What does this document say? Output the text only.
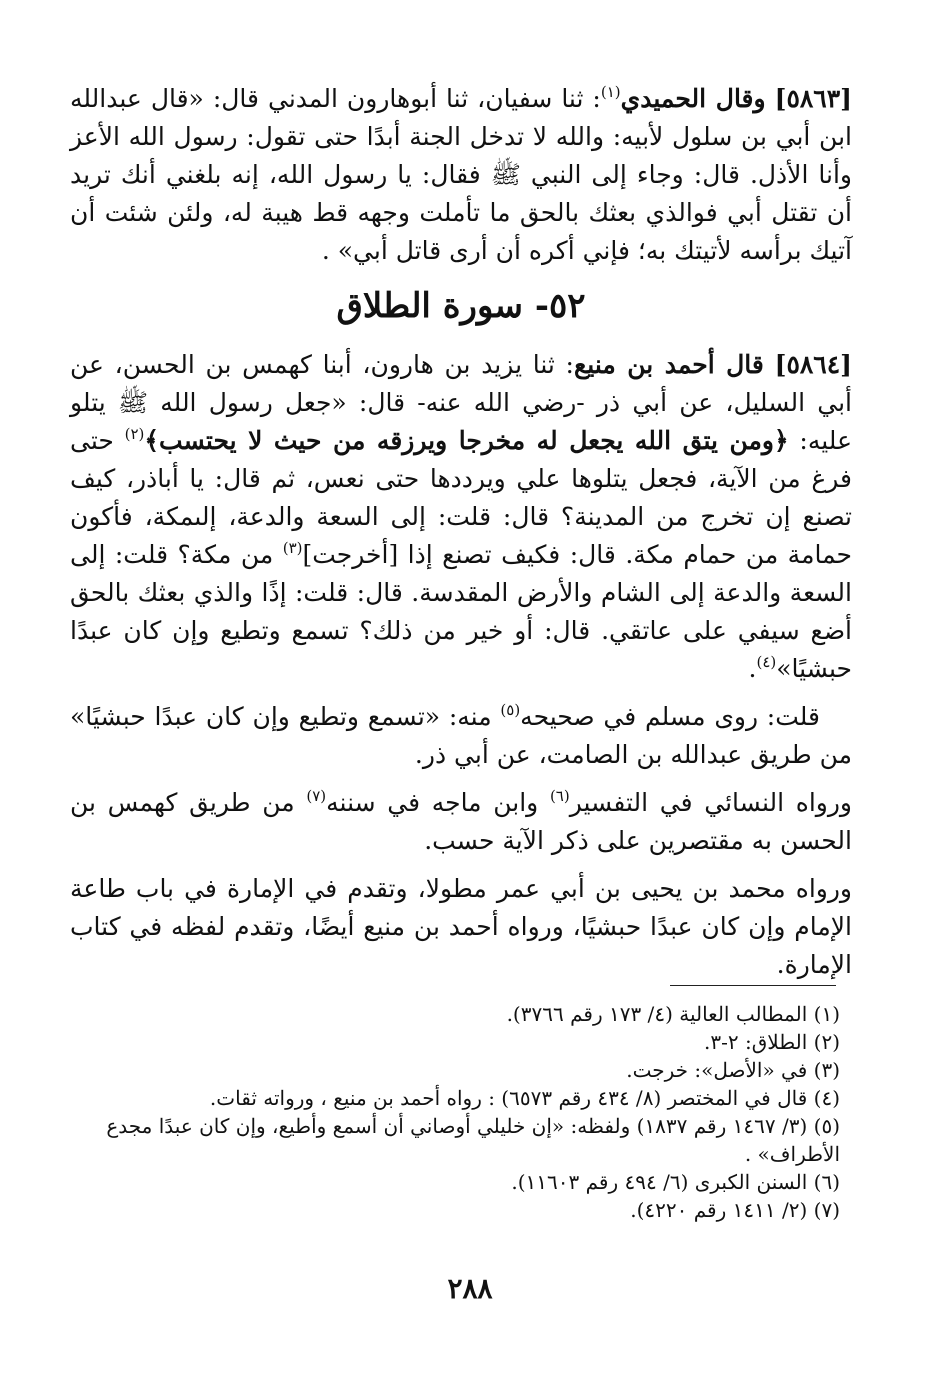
[٥٨٦٣] وقال الحميدي$^{(١)}$: ثنا سفيان، ثنا أبوهارون المدني قال: «قال عبدالله ابن أبي بن سلول لأبيه: والله لا تدخل الجنة أبدًا حتى تقول: رسول الله الأعز وأنا الأذل. قال: وجاء إلى النبي ﷺ فقال: يا رسول الله، إنه بلغني أنك تريد أن تقتل أبي فوالذي بعثك بالحق ما تأملت وجهه قط هيبة له، ولئن شئت أن آتيك برأسه لأتيتك به؛ فإني أكره أن أرى قاتل أبي» .

٥٢- سورة الطلاق

[٥٨٦٤] قال أحمد بن منيع: ثنا يزيد بن هارون، أبنا كهمس بن الحسن، عن أبي السليل، عن أبي ذر -رضي الله عنه- قال: «جعل رسول الله ﷺ يتلو عليه: ﴿ومن يتق الله يجعل له مخرجا ويرزقه من حيث لا يحتسب﴾$^{(٢)}$ حتى فرغ من الآية، فجعل يتلوها علي ويرددها حتى نعس، ثم قال: يا أباذر، كيف تصنع إن تخرج من المدينة؟ قال: قلت: إلى السعة والدعة، إلىمكة، فأكون حمامة من حمام مكة. قال: فكيف تصنع إذا [أخرجت]$^{(٣)}$ من مكة؟ قلت: إلى السعة والدعة إلى الشام والأرض المقدسة. قال: قلت: إذًا والذي بعثك بالحق أضع سيفي على عاتقي. قال: أو خير من ذلك؟ تسمع وتطيع وإن كان عبدًا حبشيًا»$^{(٤)}$.

قلت: روى مسلم في صحيحه$^{(٥)}$ منه: «تسمع وتطيع وإن كان عبدًا حبشيًا» من طريق عبدالله بن الصامت، عن أبي ذر.

ورواه النسائي في التفسير$^{(٦)}$ وابن ماجه في سننه$^{(٧)}$ من طريق كهمس بن الحسن به مقتصرين على ذكر الآية حسب.

ورواه محمد بن يحيى بن أبي عمر مطولا، وتقدم في الإمارة في باب طاعة الإمام وإن كان عبدًا حبشيًا، ورواه أحمد بن منيع أيضًا، وتقدم لفظه في كتاب الإمارة.

(١) المطالب العالية (٤/ ١٧٣ رقم ٣٧٦٦).
(٢) الطلاق: ٢-٣.
(٣) في «الأصل»: خرجت.
(٤) قال في المختصر (٨/ ٤٣٤ رقم ٦٥٧٣) : رواه أحمد بن منيع ، ورواته ثقات.
(٥) (٣/ ١٤٦٧ رقم ١٨٣٧) ولفظه: «إن خليلي أوصاني أن أسمع وأطيع، وإن كان عبدًا مجدع الأطراف» .
(٦) السنن الكبرى (٦/ ٤٩٤ رقم ١١٦٠٣).
(٧) (٢/ ١٤١١ رقم ٤٢٢٠).
٢٨٨
